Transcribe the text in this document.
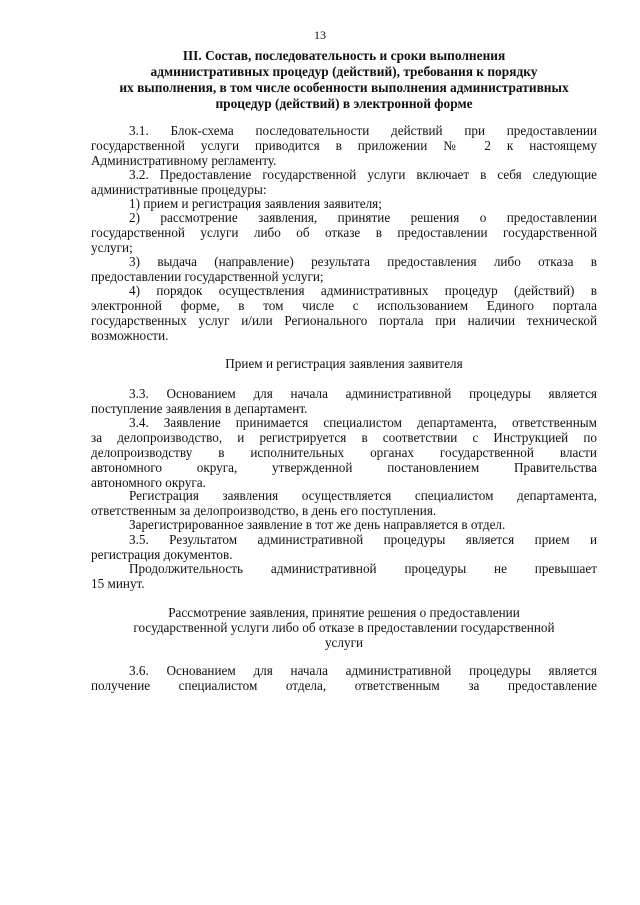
13
III. Состав, последовательность и сроки выполнения
административных процедур (действий), требования к порядку
их выполнения, в том числе особенности выполнения административных
процедур (действий) в электронной форме
3.1. Блок-схема последовательности действий при предоставлении
государственной услуги приводится в приложении № 2 к настоящему
Административному регламенту.
3.2. Предоставление государственной услуги включает в себя следующие
административные процедуры:
1) прием и регистрация заявления заявителя;
2) рассмотрение заявления, принятие решения о предоставлении
государственной услуги либо об отказе в предоставлении государственной
услуги;
3) выдача (направление) результата предоставления либо отказа в
предоставлении государственной услуги;
4) порядок осуществления административных процедур (действий) в
электронной форме, в том числе с использованием Единого портала
государственных услуг и/или Регионального портала при наличии технической
возможности.
Прием и регистрация заявления заявителя
3.3. Основанием для начала административной процедуры является
поступление заявления в департамент.
3.4. Заявление принимается специалистом департамента, ответственным
за делопроизводство, и регистрируется в соответствии с Инструкцией по
делопроизводству в исполнительных органах государственной власти
автономного округа, утвержденной постановлением Правительства
автономного округа.
Регистрация заявления осуществляется специалистом департамента,
ответственным за делопроизводство, в день его поступления.
Зарегистрированное заявление в тот же день направляется в отдел.
3.5. Результатом административной процедуры является прием и
регистрация документов.
Продолжительность административной процедуры не превышает
15 минут.
Рассмотрение заявления, принятие решения о предоставлении
государственной услуги либо об отказе в предоставлении государственной
услуги
3.6. Основанием для начала административной процедуры является
получение специалистом отдела, ответственным за предоставление
